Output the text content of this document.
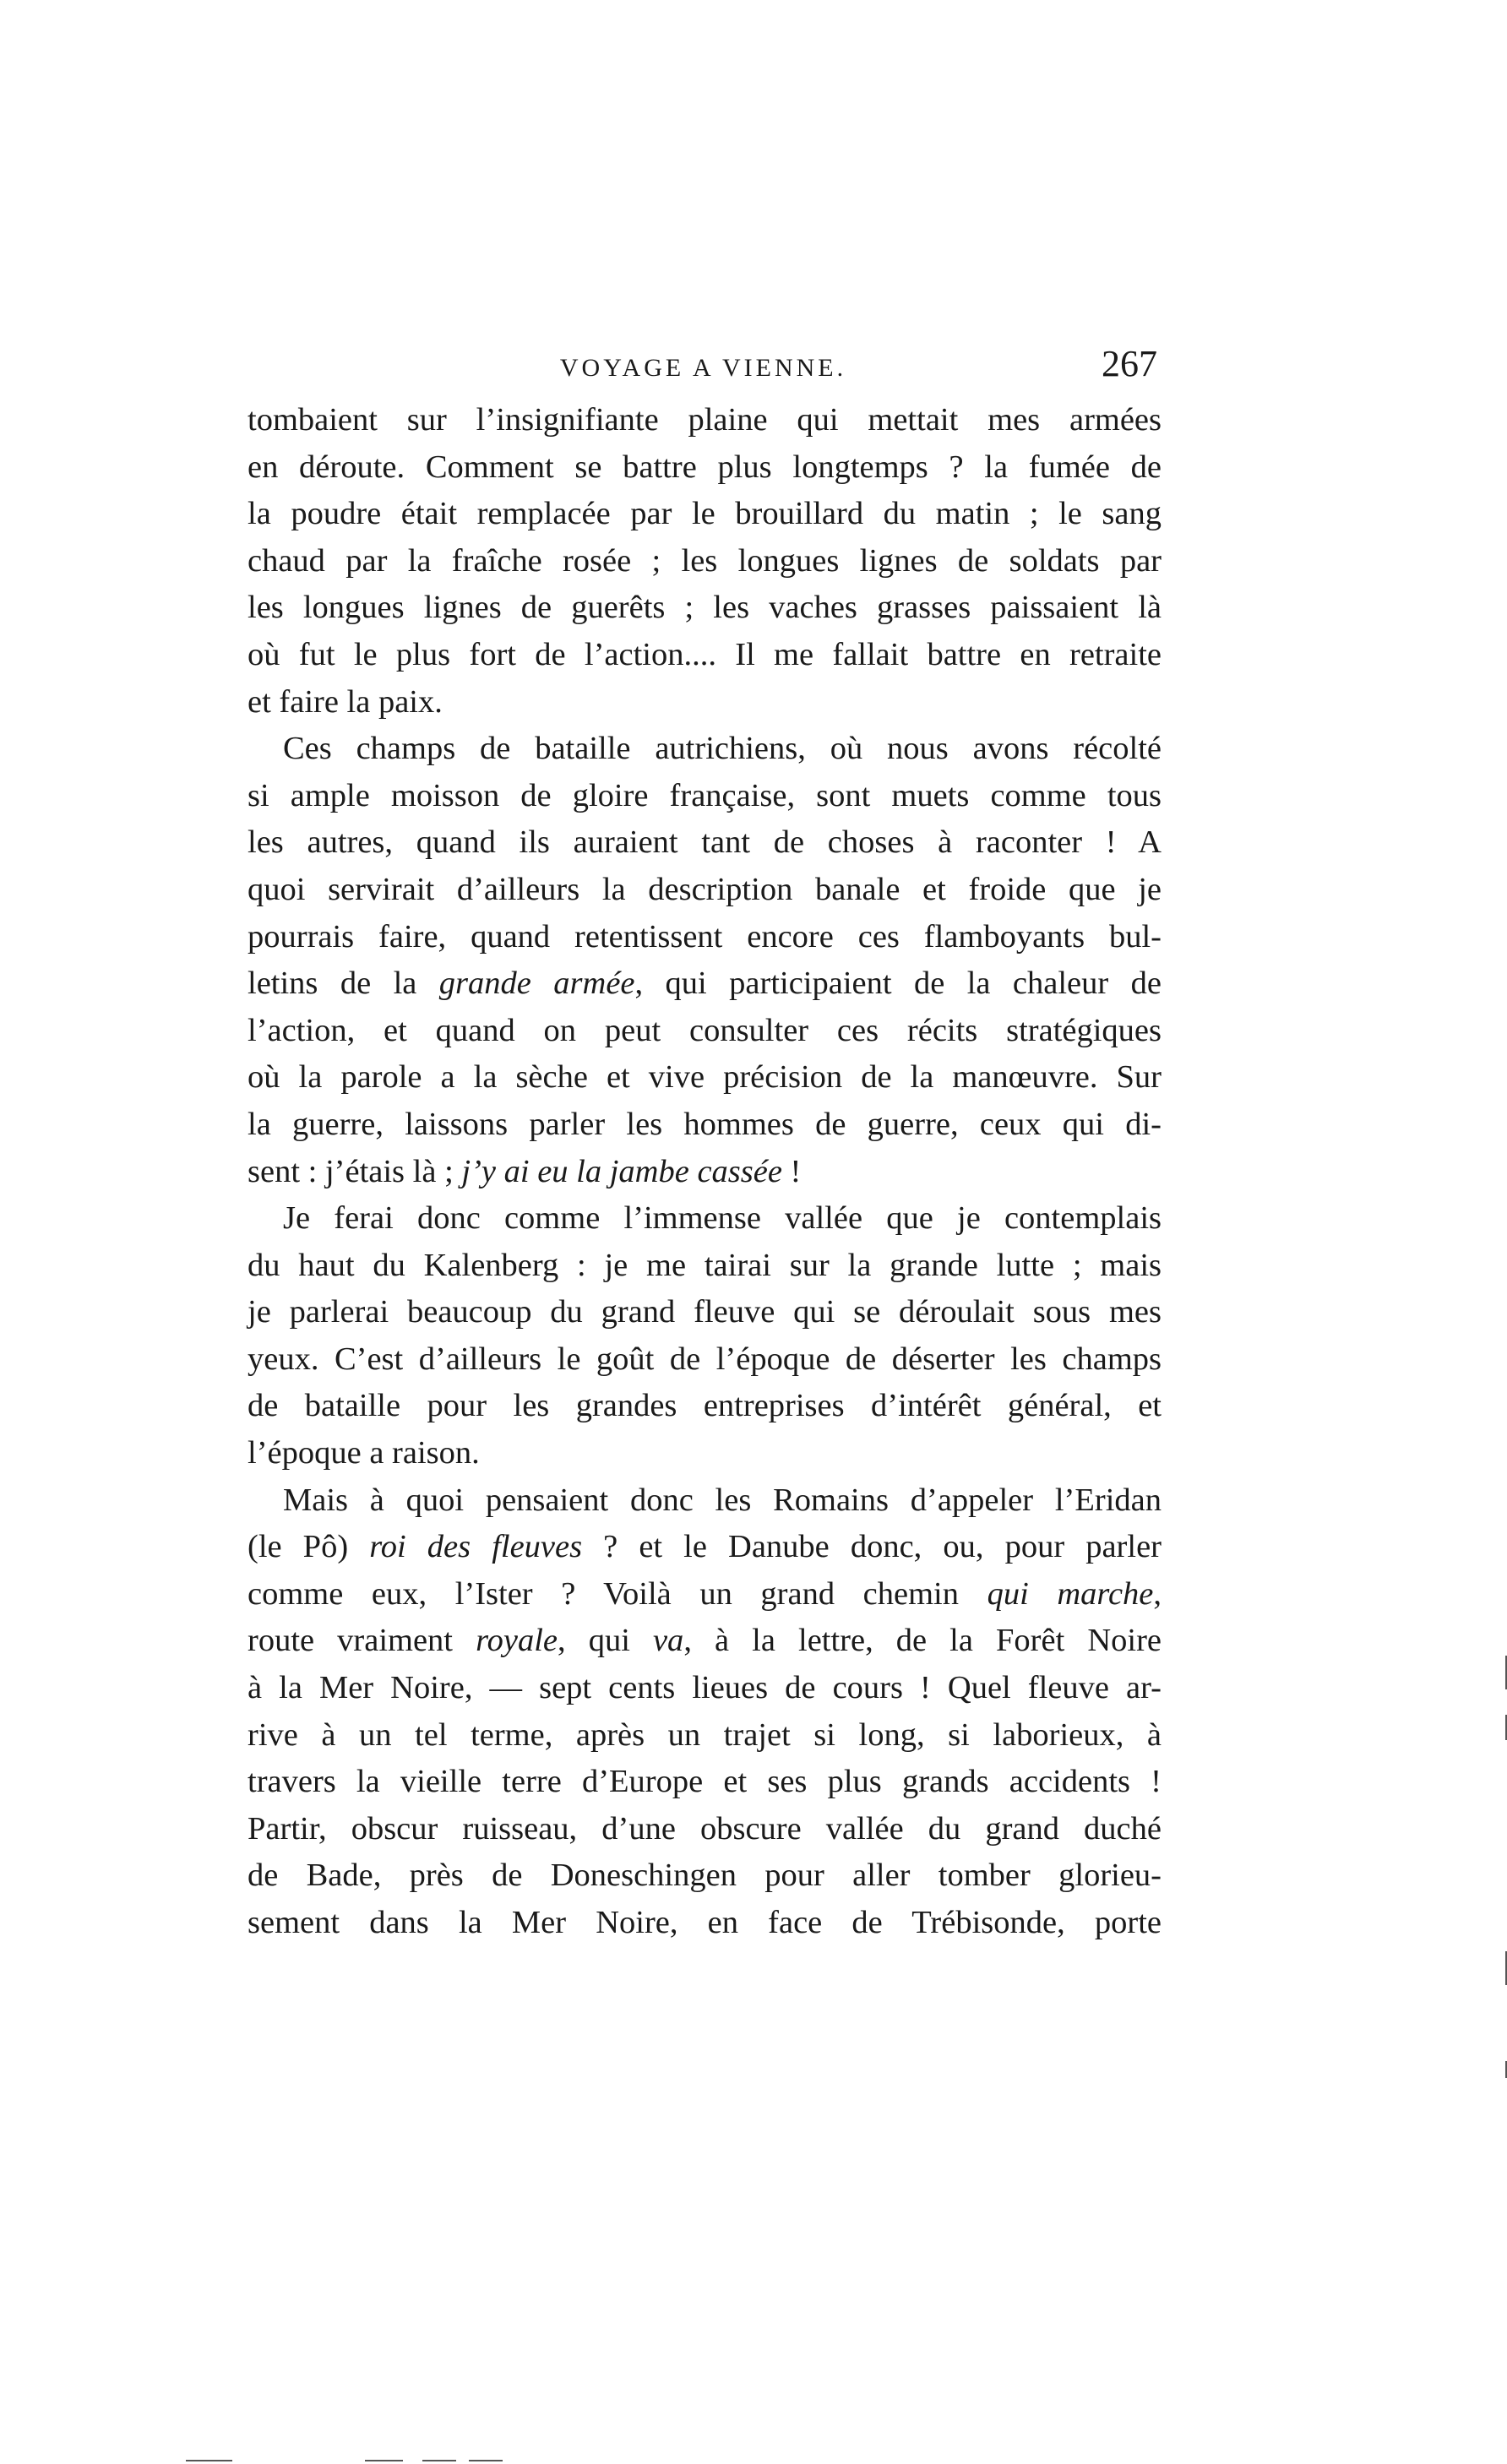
VOYAGE A VIENNE.	267
tombaient sur l’insignifiante plaine qui mettait mes armées
en déroute. Comment se battre plus longtemps ? la fumée de
la poudre était remplacée par le brouillard du matin ; le sang
chaud par la fraîche rosée ; les longues lignes de soldats par
les longues lignes de guerêts ; les vaches grasses paissaient là
où fut le plus fort de l’action.... Il me fallait battre en retraite
et faire la paix.
Ces champs de bataille autrichiens, où nous avons récolté
si ample moisson de gloire française, sont muets comme tous
les autres, quand ils auraient tant de choses à raconter ! A
quoi servirait d’ailleurs la description banale et froide que je
pourrais faire, quand retentissent encore ces flamboyants bul-
letins de la grande armée, qui participaient de la chaleur de
l’action, et quand on peut consulter ces récits stratégiques
où la parole a la sèche et vive précision de la manœuvre. Sur
la guerre, laissons parler les hommes de guerre, ceux qui di-
sent : j’étais là ; j’y ai eu la jambe cassée !
Je ferai donc comme l’immense vallée que je contemplais
du haut du Kalenberg : je me tairai sur la grande lutte ; mais
je parlerai beaucoup du grand fleuve qui se déroulait sous mes
yeux. C’est d’ailleurs le goût de l’époque de déserter les champs
de bataille pour les grandes entreprises d’intérêt général, et
l’époque a raison.
Mais à quoi pensaient donc les Romains d’appeler l’Eridan
(le Pô) roi des fleuves ? et le Danube donc, ou, pour parler
comme eux, l’Ister ? Voilà un grand chemin qui marche,
route vraiment royale, qui va, à la lettre, de la Forêt Noire
à la Mer Noire, — sept cents lieues de cours ! Quel fleuve ar-
rive à un tel terme, après un trajet si long, si laborieux, à
travers la vieille terre d’Europe et ses plus grands accidents !
Partir, obscur ruisseau, d’une obscure vallée du grand duché
de Bade, près de Doneschingen pour aller tomber glorieu-
sement dans la Mer Noire, en face de Trébisonde, porte
